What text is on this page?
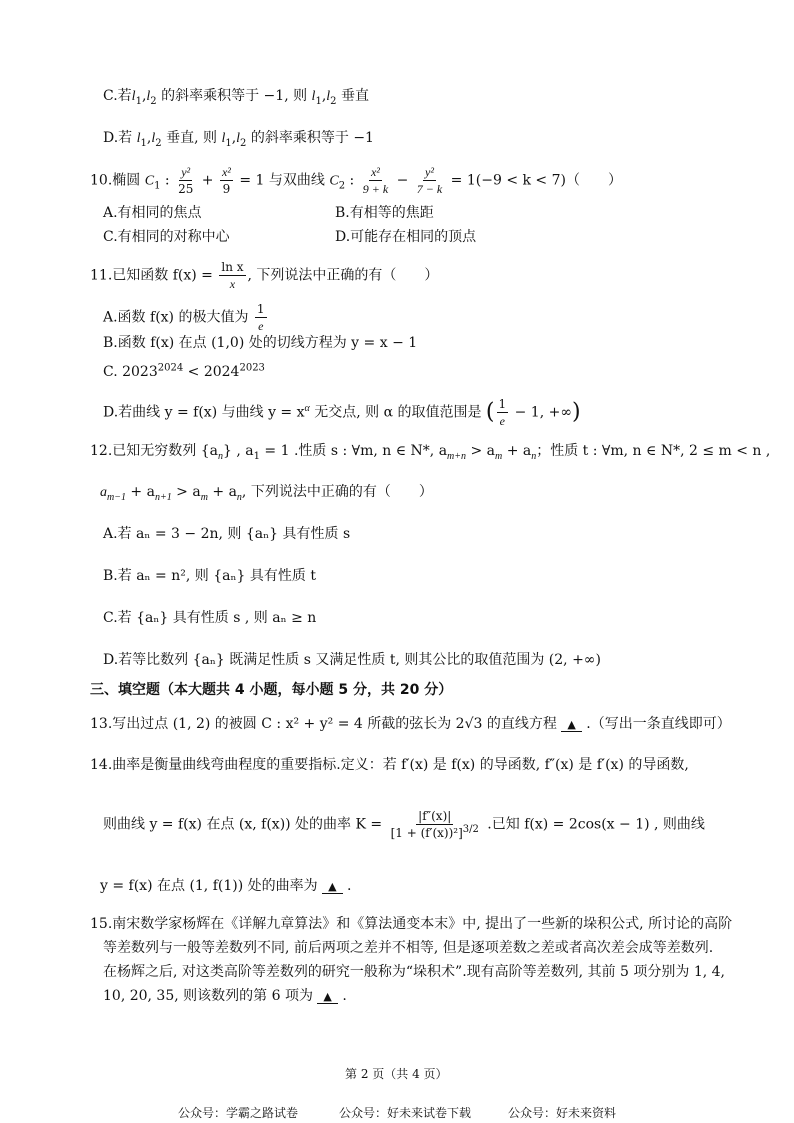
C.若$l_1,l_2$ 的斜率乘积等于 −1, 则 $l_1,l_2$ 垂直
D.若 $l_1,l_2$ 垂直, 则 $l_1,l_2$ 的斜率乘积等于 −1
10.椭圆 $C_1$ : $\frac{\text{y²}}{25} + \frac{\text{x²}}{9} = 1$ 与双曲线 $C_2$ : $\frac{\text{x²}}{9 + k} - \frac{\text{y²}}{7 - k} = 1(-9 < k < 7)$（　　）
A.有相同的焦点	B.有相等的焦距
C.有相同的对称中心	D.可能存在相同的顶点
11.已知函数 $f(x) = \frac{\text{ln x}}{x}$ , 下列说法中正确的有（　　）
A.函数 f(x) 的极大值为 $\frac{1}{e}$
B.函数 f(x) 在点 (1,0) 处的切线方程为 y = x − 1
C. $2023^{2024} < 2024^{2023}$
D.若曲线 y = f(x) 与曲线 $y = x^\alpha$ 无交点, 则 α 的取值范围是 ( $\frac{1}{e} - 1$, +∞)
12.已知无穷数列 $\{a_n\}$ , $a_1 = 1$ .性质 s : ∀m, n ∈ N*, $a_{m+n} > a_m + a_n$；性质 t : ∀m, n ∈ N*, 2 ≤ m < n ,
$a_{m-1} + a_{n+1} > a_m + a_n$, 下列说法中正确的有（　　）
A.若 aₙ = 3 − 2n, 则 {aₙ} 具有性质 s
B.若 aₙ = n², 则 {aₙ} 具有性质 t
C.若 {aₙ} 具有性质 s , 则 aₙ ≥ n
D.若等比数列 {aₙ} 既满足性质 s 又满足性质 t, 则其公比的取值范围为 (2, +∞)
三、填空题（本大题共 4 小题，每小题 5 分，共 20 分）
13.写出过点 (1, 2) 的被圆 C : x² + y² = 4 所截的弦长为 2√3 的直线方程 ▲ .（写出一条直线即可）
14.曲率是衡量曲线弯曲程度的重要指标.定义：若 f′(x) 是 f(x) 的导函数, f″(x) 是 f′(x) 的导函数,
则曲线 y = f(x) 在点 (x, f(x)) 处的曲率 $K = \frac{|f''(x)|}{[1 + (f'(x))^2]^{3/2}}$ .已知 f(x) = 2cos(x − 1) , 则曲线
y = f(x) 在点 (1, f(1)) 处的曲率为 ▲ .
15.南宋数学家杨辉在《详解九章算法》和《算法通变本末》中, 提出了一些新的垛积公式, 所讨论的高阶
等差数列与一般等差数列不同, 前后两项之差并不相等, 但是逐项差数之差或者高次差会成等差数列.
在杨辉之后, 对这类高阶等差数列的研究一般称为“垛积术”.现有高阶等差数列, 其前 5 项分别为 1, 4,
10, 20, 35, 则该数列的第 6 项为 ▲ .
第 2 页（共 4 页）
公众号：学霸之路试卷	公众号：好未来试卷下载	公众号：好未来资料
